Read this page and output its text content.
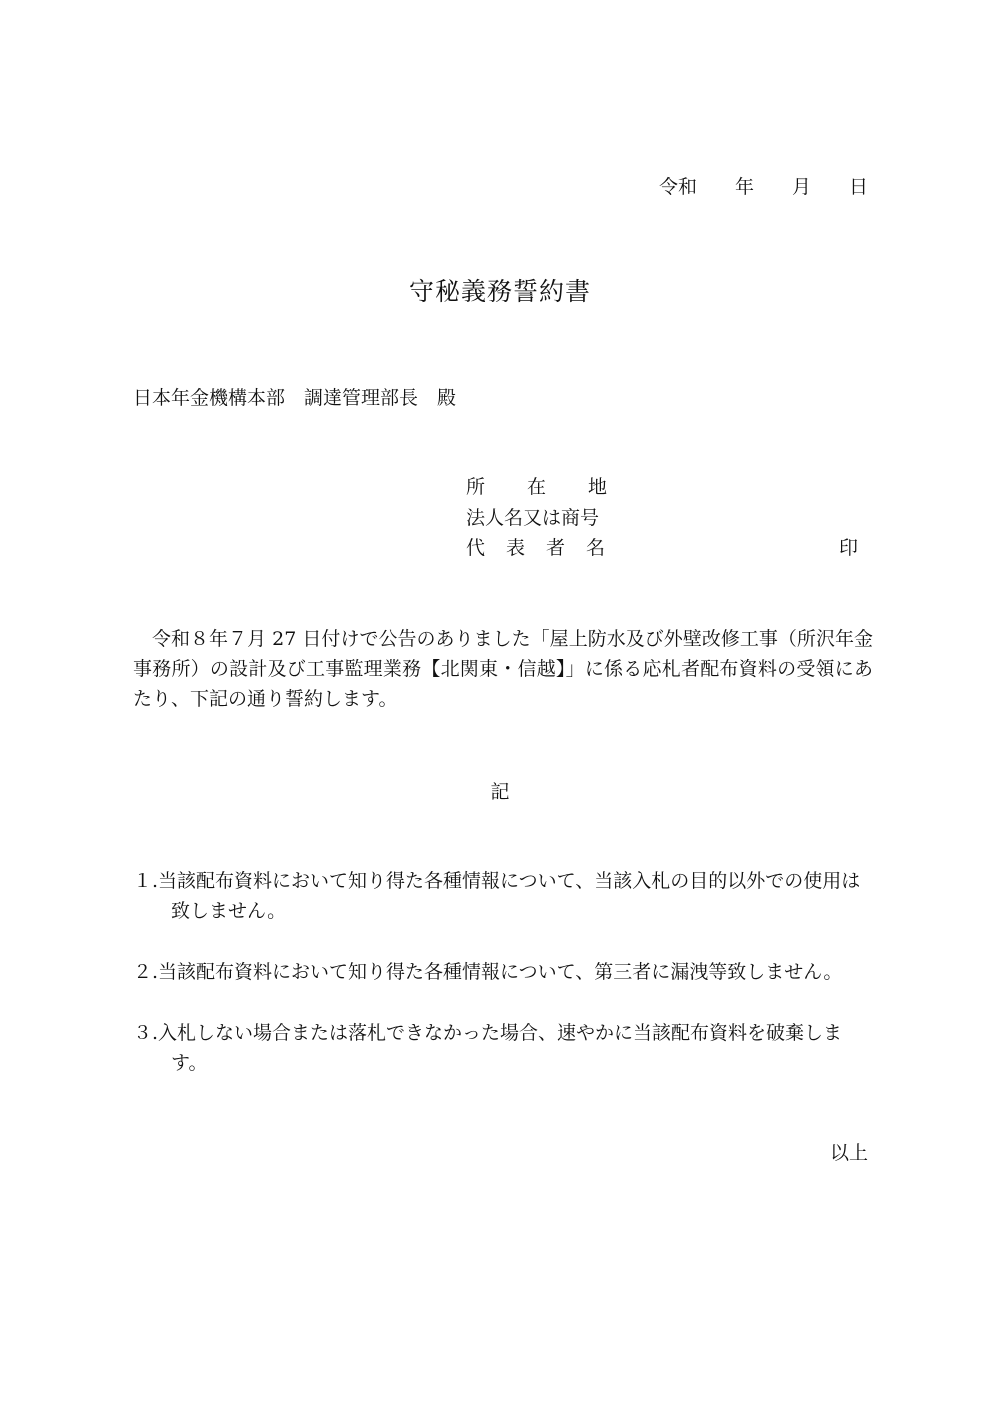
令和 年 月 日
守秘義務誓約書
日本年金機構本部 調達管理部長 殿
所 在 地
法人名又は商号
代 表 者 名	印
令和８年７月 27 日付けで公告のありました「屋上防水及び外壁改修工事（所沢年金事務所）の設計及び工事監理業務【北関東・信越】」に係る応札者配布資料の受領にあたり、下記の通り誓約します。
記
１.当該配布資料において知り得た各種情報について、当該入札の目的以外での使用は致しません。
２.当該配布資料において知り得た各種情報について、第三者に漏洩等致しません。
３.入札しない場合または落札できなかった場合、速やかに当該配布資料を破棄します。
以上
